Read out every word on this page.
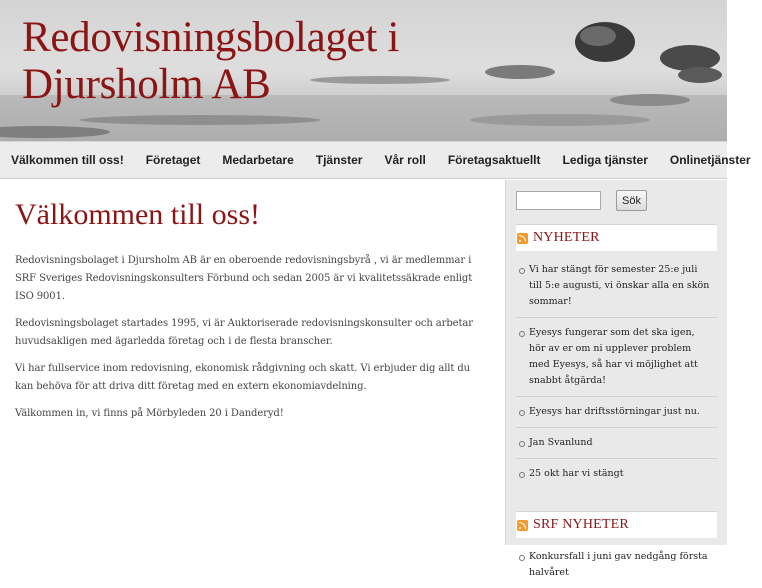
Redovisningsbolaget i Djursholm AB
Välkommen till oss!	Företaget	Medarbetare	Tjänster	Vår roll	Företagsaktuellt	Lediga tjänster	Onlinetjänster
Välkommen till oss!

Redovisningsbolaget i Djursholm AB är en oberoende redovisningsbyrå , vi är medlemmar i SRF Sveriges Redovisningskonsulters Förbund och sedan 2005 är vi kvalitetssäkrade enligt ISO 9001.

Redovisningsbolaget startades 1995, vi är Auktoriserade redovisningskonsulter och arbetar huvudsakligen med ägarledda företag och i de flesta branscher.

Vi har fullservice inom redovisning, ekonomisk rådgivning och skatt. Vi erbjuder dig allt du kan behöva för att driva ditt företag med en extern ekonomiavdelning.

Välkommen in, vi finns på Mörbyleden 20 i Danderyd!

Sök
NYHETER
Vi har stängt för semester 25:e juli till 5:e augusti, vi önskar alla en skön sommar!
Eyesys fungerar som det ska igen, hör av er om ni upplever problem med Eyesys, så har vi möjlighet att snabbt åtgärda!
Eyesys har driftsstörningar just nu.
Jan Svanlund
25 okt har vi stängt
SRF NYHETER
Konkursfall i juni gav nedgång första halvåret
